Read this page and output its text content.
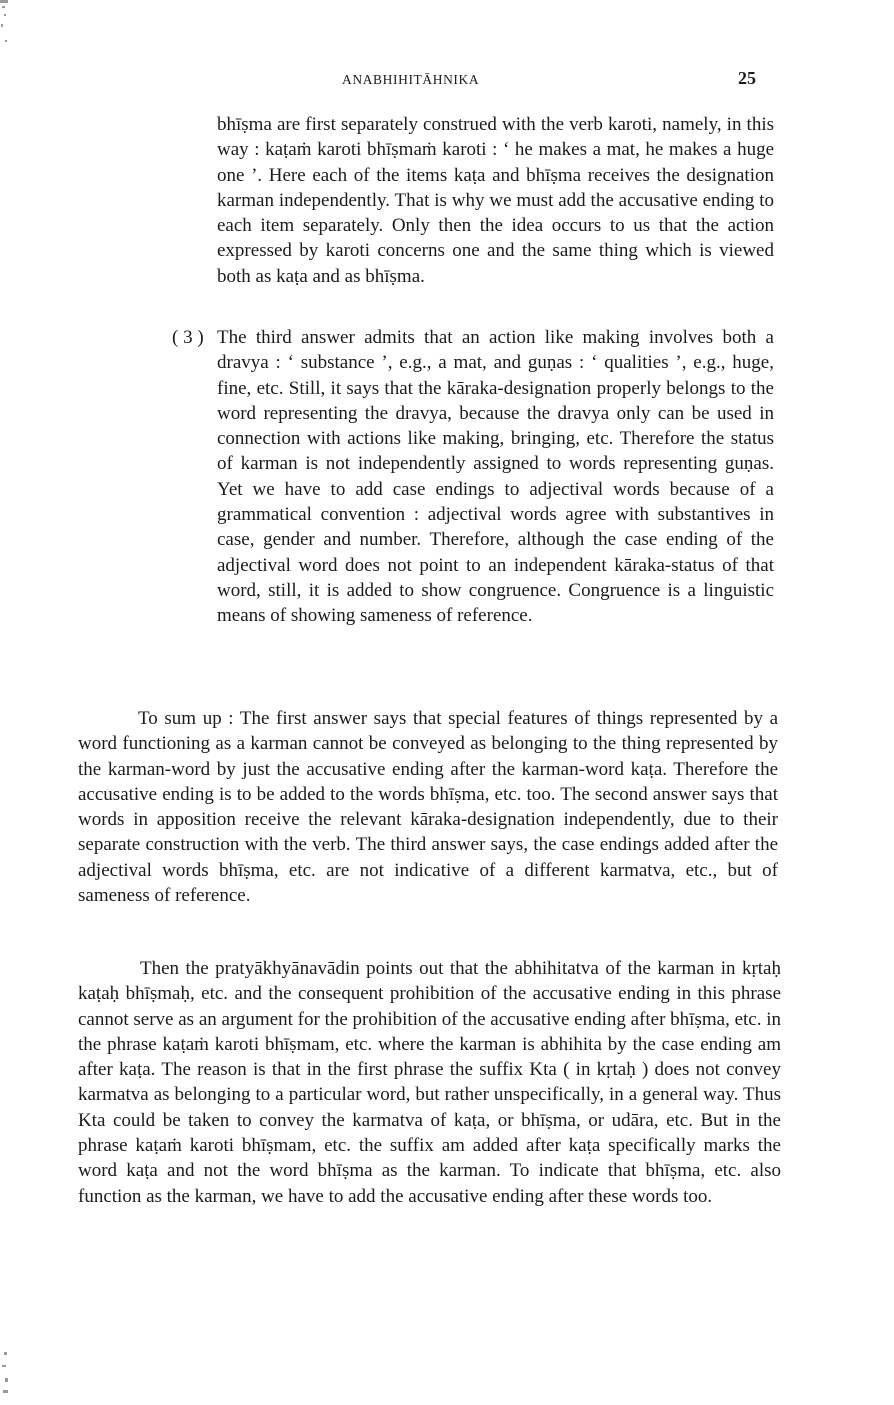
ANABHIHITĀHNIKA	25

bhīṣma are first separately construed with the verb karoti, namely, in this way : kaṭaṁ karoti bhīṣmaṁ karoti : ‘ he makes a mat, he makes a huge one ’. Here each of the items kaṭa and bhīṣma receives the designation karman independently. That is why we must add the accusative ending to each item separately. Only then the idea occurs to us that the action expressed by karoti concerns one and the same thing which is viewed both as kaṭa and as bhīṣma.

( 3 ) The third answer admits that an action like making involves both a dravya : ‘ substance ’, e.g., a mat, and guṇas : ‘ qualities ’, e.g., huge, fine, etc. Still, it says that the kāraka-designation properly belongs to the word representing the dravya, because the dravya only can be used in connection with actions like making, bringing, etc. Therefore the status of karman is not independently assigned to words representing guṇas. Yet we have to add case endings to adjectival words because of a grammatical convention : adjectival words agree with substantives in case, gender and number. Therefore, although the case ending of the adjectival word does not point to an independent kāraka-status of that word, still, it is added to show congruence. Congruence is a linguistic means of showing sameness of reference.

To sum up : The first answer says that special features of things represented by a word functioning as a karman cannot be conveyed as belonging to the thing represented by the karman-word by just the accusative ending after the karman-word kaṭa. Therefore the accusative ending is to be added to the words bhīṣma, etc. too. The second answer says that words in apposition receive the relevant kāraka-designation independently, due to their separate construction with the verb. The third answer says, the case endings added after the adjectival words bhīṣma, etc. are not indicative of a different karmatva, etc., but of sameness of reference.

Then the pratyākhyānavādin points out that the abhihitatva of the karman in kṛtaḥ kaṭaḥ bhīṣmaḥ, etc. and the consequent prohibition of the accusative ending in this phrase cannot serve as an argument for the prohibition of the accusative ending after bhīṣma, etc. in the phrase kaṭaṁ karoti bhīṣmam, etc. where the karman is abhihita by the case ending am after kaṭa. The reason is that in the first phrase the suffix Kta ( in kṛtaḥ ) does not convey karmatva as belonging to a particular word, but rather unspecifically, in a general way. Thus Kta could be taken to convey the karmatva of kaṭa, or bhīṣma, or udāra, etc. But in the phrase kaṭaṁ karoti bhīṣmam, etc. the suffix am added after kaṭa specifically marks the word kaṭa and not the word bhīṣma as the karman. To indicate that bhīṣma, etc. also function as the karman, we have to add the accusative ending after these words too.
